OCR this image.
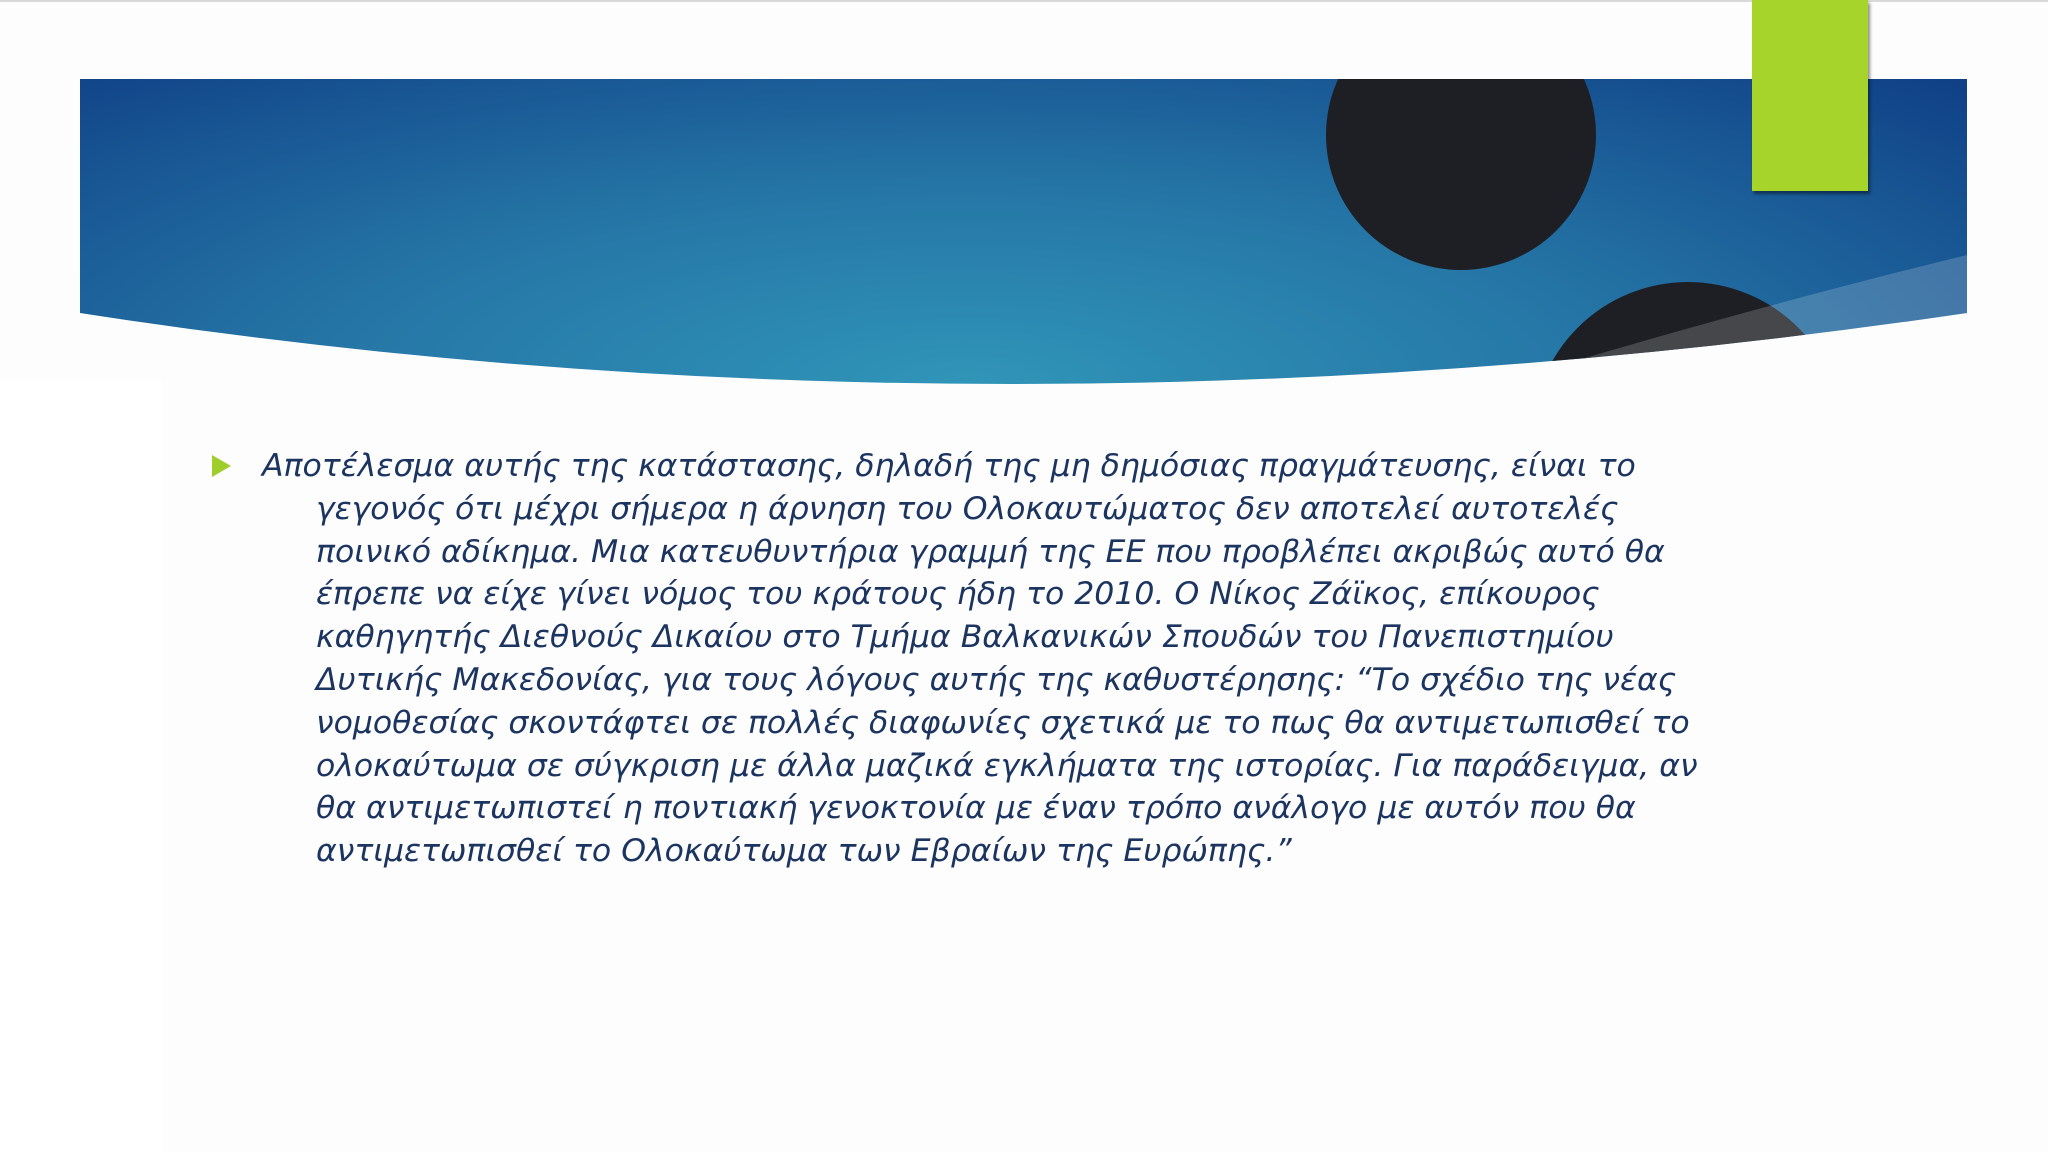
Αποτέλεσμα αυτής της κατάστασης, δηλαδή της μη δημόσιας πραγμάτευσης, είναι το γεγονός ότι μέχρι σήμερα η άρνηση του Ολοκαυτώματος δεν αποτελεί αυτοτελές ποινικό αδίκημα. Μια κατευθυντήρια γραμμή της ΕΕ που προβλέπει ακριβώς αυτό θα έπρεπε να είχε γίνει νόμος του κράτους ήδη το 2010. Ο Νίκος Ζάϊκος, επίκουρος καθηγητής Διεθνούς Δικαίου στο Τμήμα Βαλκανικών Σπουδών του Πανεπιστημίου Δυτικής Μακεδονίας, για τους λόγους αυτής της καθυστέρησης: “Το σχέδιο της νέας νομοθεσίας σκοντάφτει σε πολλές διαφωνίες σχετικά με το πως θα αντιμετωπισθεί το ολοκαύτωμα σε σύγκριση με άλλα μαζικά εγκλήματα της ιστορίας. Για παράδειγμα, αν θα αντιμετωπιστεί η ποντιακή γενοκτονία με έναν τρόπο ανάλογο με αυτόν που θα αντιμετωπισθεί το Ολοκαύτωμα των Εβραίων της Ευρώπης.”
